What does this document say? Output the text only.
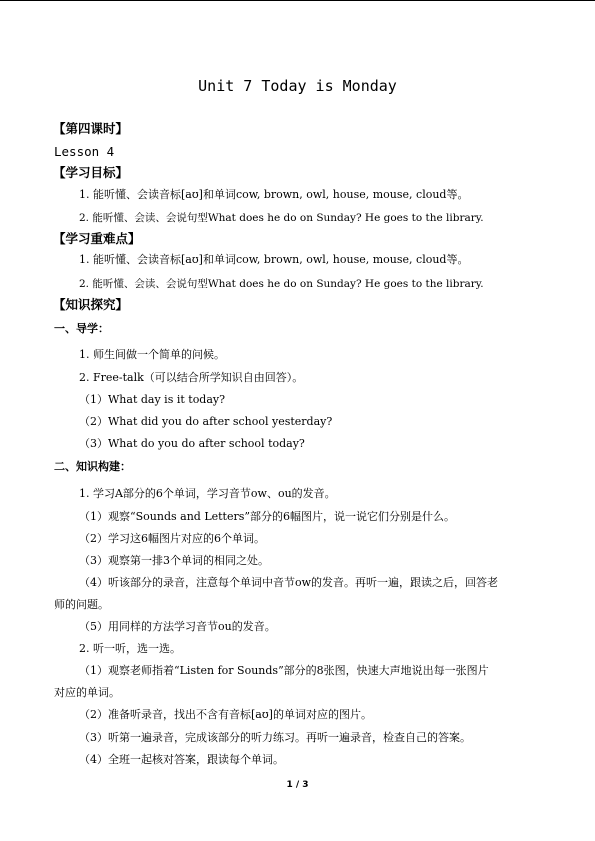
Unit 7 Today is Monday
【第四课时】
Lesson 4
【学习目标】
1. 能听懂、会读音标[aʊ]和单词cow, brown, owl, house, mouse, cloud等。
2. 能听懂、会读、会说句型What does he do on Sunday? He goes to the library.
【学习重难点】
1. 能听懂、会读音标[aʊ]和单词cow, brown, owl, house, mouse, cloud等。
2. 能听懂、会读、会说句型What does he do on Sunday? He goes to the library.
【知识探究】
一、导学：
1. 师生间做一个简单的问候。
2. Free-talk（可以结合所学知识自由回答）。
（1）What day is it today?
（2）What did you do after school yesterday?
（3）What do you do after school today?
二、知识构建：
1. 学习A部分的6个单词，学习音节ow、ou的发音。
（1）观察“Sounds and Letters”部分的6幅图片，说一说它们分别是什么。
（2）学习这6幅图片对应的6个单词。
（3）观察第一排3个单词的相同之处。
（4）听该部分的录音，注意每个单词中音节ow的发音。再听一遍，跟读之后，回答老
师的问题。
（5）用同样的方法学习音节ou的发音。
2. 听一听，选一选。
（1）观察老师指着“Listen for Sounds”部分的8张图，快速大声地说出每一张图片
对应的单词。
（2）准备听录音，找出不含有音标[aʊ]的单词对应的图片。
（3）听第一遍录音，完成该部分的听力练习。再听一遍录音，检查自己的答案。
（4）全班一起核对答案，跟读每个单词。
1 / 3
